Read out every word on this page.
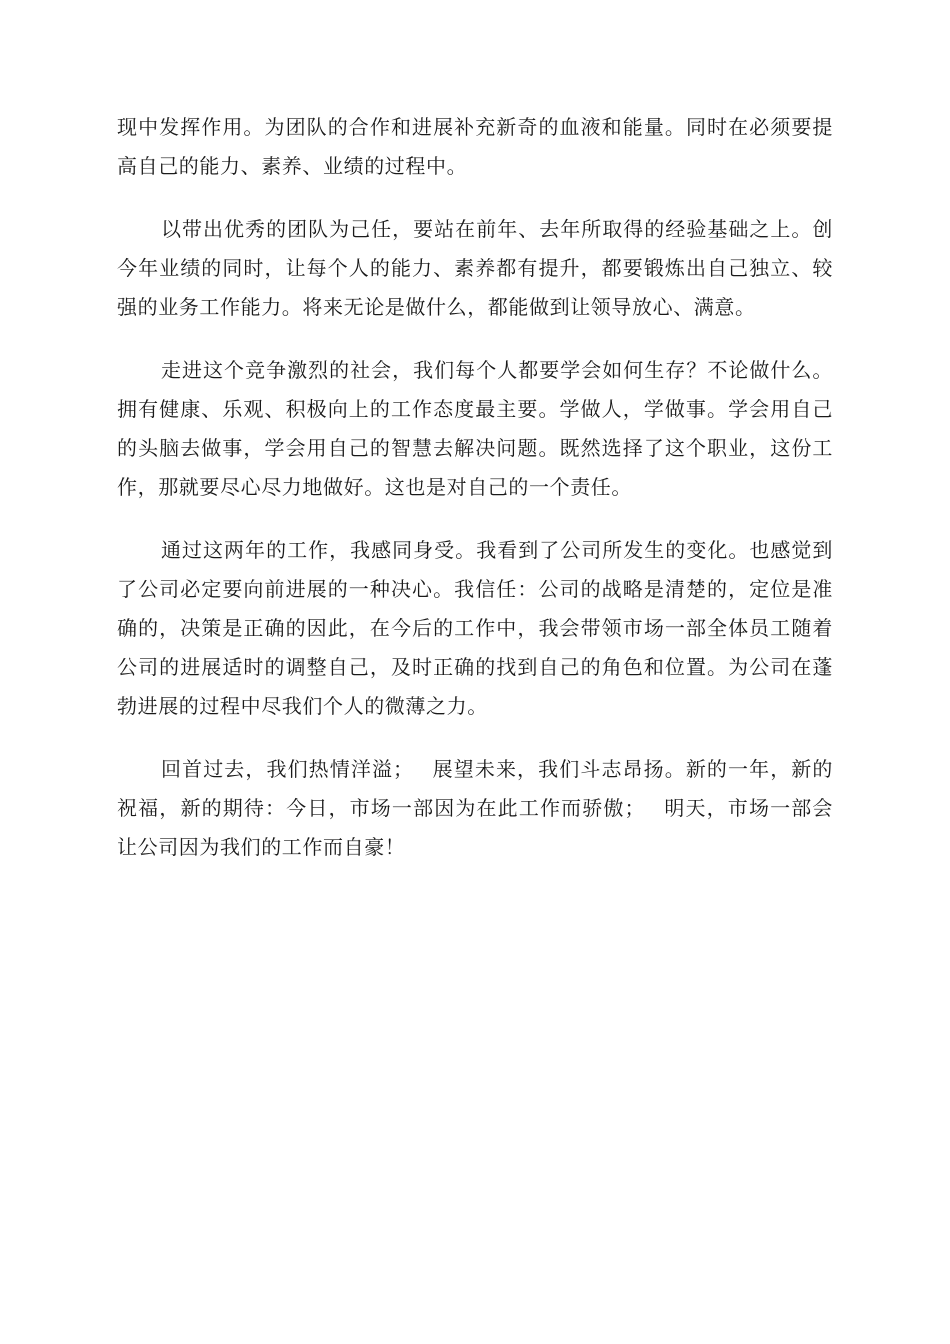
现中发挥作用。为团队的合作和进展补充新奇的血液和能量。同时在必须要提高自己的能力、素养、业绩的过程中。

以带出优秀的团队为己任，要站在前年、去年所取得的经验基础之上。创今年业绩的同时，让每个人的能力、素养都有提升，都要锻炼出自己独立、较强的业务工作能力。将来无论是做什么，都能做到让领导放心、满意。

走进这个竞争激烈的社会，我们每个人都要学会如何生存？不论做什么。拥有健康、乐观、积极向上的工作态度最主要。学做人，学做事。学会用自己的头脑去做事，学会用自己的智慧去解决问题。既然选择了这个职业，这份工作，那就要尽心尽力地做好。这也是对自己的一个责任。

通过这两年的工作，我感同身受。我看到了公司所发生的变化。也感觉到了公司必定要向前进展的一种决心。我信任：公司的战略是清楚的，定位是准确的，决策是正确的因此，在今后的工作中，我会带领市场一部全体员工随着公司的进展适时的调整自己，及时正确的找到自己的角色和位置。为公司在蓬勃进展的过程中尽我们个人的微薄之力。

回首过去，我们热情洋溢；　 展望未来，我们斗志昂扬。新的一年，新的祝福，新的期待：今日，市场一部因为在此工作而骄傲；　 明天，市场一部会让公司因为我们的工作而自豪！
